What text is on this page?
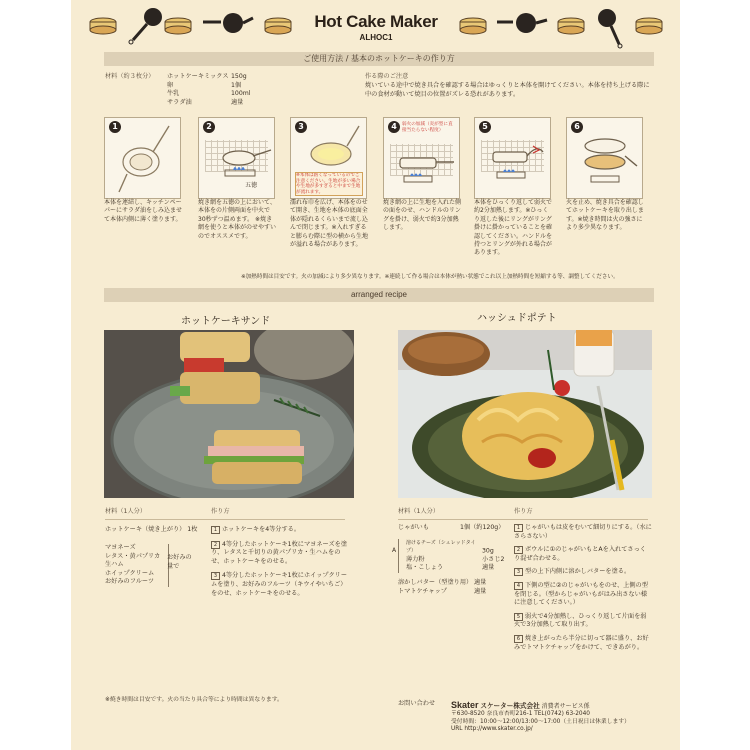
Hot Cake Maker
ALHOC1
ご使用方法 / 基本のホットケーキの作り方
材料（約３枚分） ホットケーキミックス 150g
卵	1個
牛乳	100ml
サラダ油	適量
作る際のご注意
焼いている途中で焼き具合を確認する場合はゆっくりと本体を開けてください。本体を持ち上げる際に中の食材が動いて焼目の位置がズレる恐れがあります。
1	2
五徳
3
※本体は熱くなっているのでご注意ください。生地が多い場合や生地が多すぎると中まで生地が流れます。
4	弱火の加減（炎が型に直接当たらない程度）	5	6
本体を連結し、キッチンペーパーにサラダ油をしみ込ませて本体内側に薄く塗ります。
焼き網を五徳の上において、本体をの片側両面を中火で30秒ずつ温めます。 ※焼き網を使うと本体がのせやすいのでオススメです。
濡れ布巾を広げ、本体をのせて開き、生地を本体の底面全体が隠れるくらいまで流し込んで閉じます。※入れすぎると膨らむ際に型の横から生地が溢れる場合があります。
焼き網の上に生地を入れた側の面をのせ、ハンドルのリングを掛け、弱火で約3分加熱します。
本体をひっくり返して弱火で約2分加熱します。※ひっくり返した後にリングがリング掛けに掛かっていることを確認してください。ハンドルを持つとリングが外れる場合があります。
火を止め、焼き具合を確認してホットケーキを取り出します。※焼き時間は火の強さにより多少異なります。
※加熱時間は目安です。火の加減により多少異なります。※連続して作る場合は本体が熱い状態でこれ以上加熱時間を短縮する等、調整してください。
arranged recipe
ホットケーキサンド	ハッシュドポテト
材料（1人分）	作り方
ホットケーキ（焼き上がり） 1枚
マヨネーズ
レタス・黄パプリカ
生ハム
ホイップクリーム
お好みのフルーツ
お好みの量で
1 ホットケーキを4等分する。
2 4等分したホットケーキ1枚にマヨネーズを塗り、レタスと千切りの黄パプリカ・生ハムをのせ、ホットケーキをのせる。
3 4等分したホットケーキ1枚にホイップクリームを塗り、お好みのフルーツ（キウイやいちご）をのせ、ホットケーキをのせる。
材料（1人分）	作り方
じゃがいも	1個（約120g）
A
溶けるチーズ（シュレッドタイプ）	30g
薄力粉	小さじ2
塩・こしょう	適量
溶かしバター（型塗り用） 適量
トマトケチャップ	適量
1 じゃがいもは皮をむいて細切りにする。（水にさらさない）
2 ボウルに①のじゃがいもとAを入れてさっくり混ぜ合わせる。
3 型の上下内側に溶かしバターを塗る。
4 下側の型に②のじゃがいもをのせ、上側の型を閉じる。（型からじゃがいもがはみ出さない様に注意してください。）
5 弱火で4分加熱し、ひっくり返して片面を弱火で3分加熱して取り出す。
6 焼き上がったら半分に切って器に盛り、お好みでトマトケチャップをかけて、できあがり。
※焼き時間は目安です。火の当たり具合等により時間は異なります。	お問い合わせ Skater スケーター株式会社 消費者サービス係
〒630-8520 奈良市杏町216-1 TEL(0742) 63-2040
受付時間：10:00〜12:00/13:00〜17:00（土日祝日は休業します）
URL http://www.skater.co.jp/
